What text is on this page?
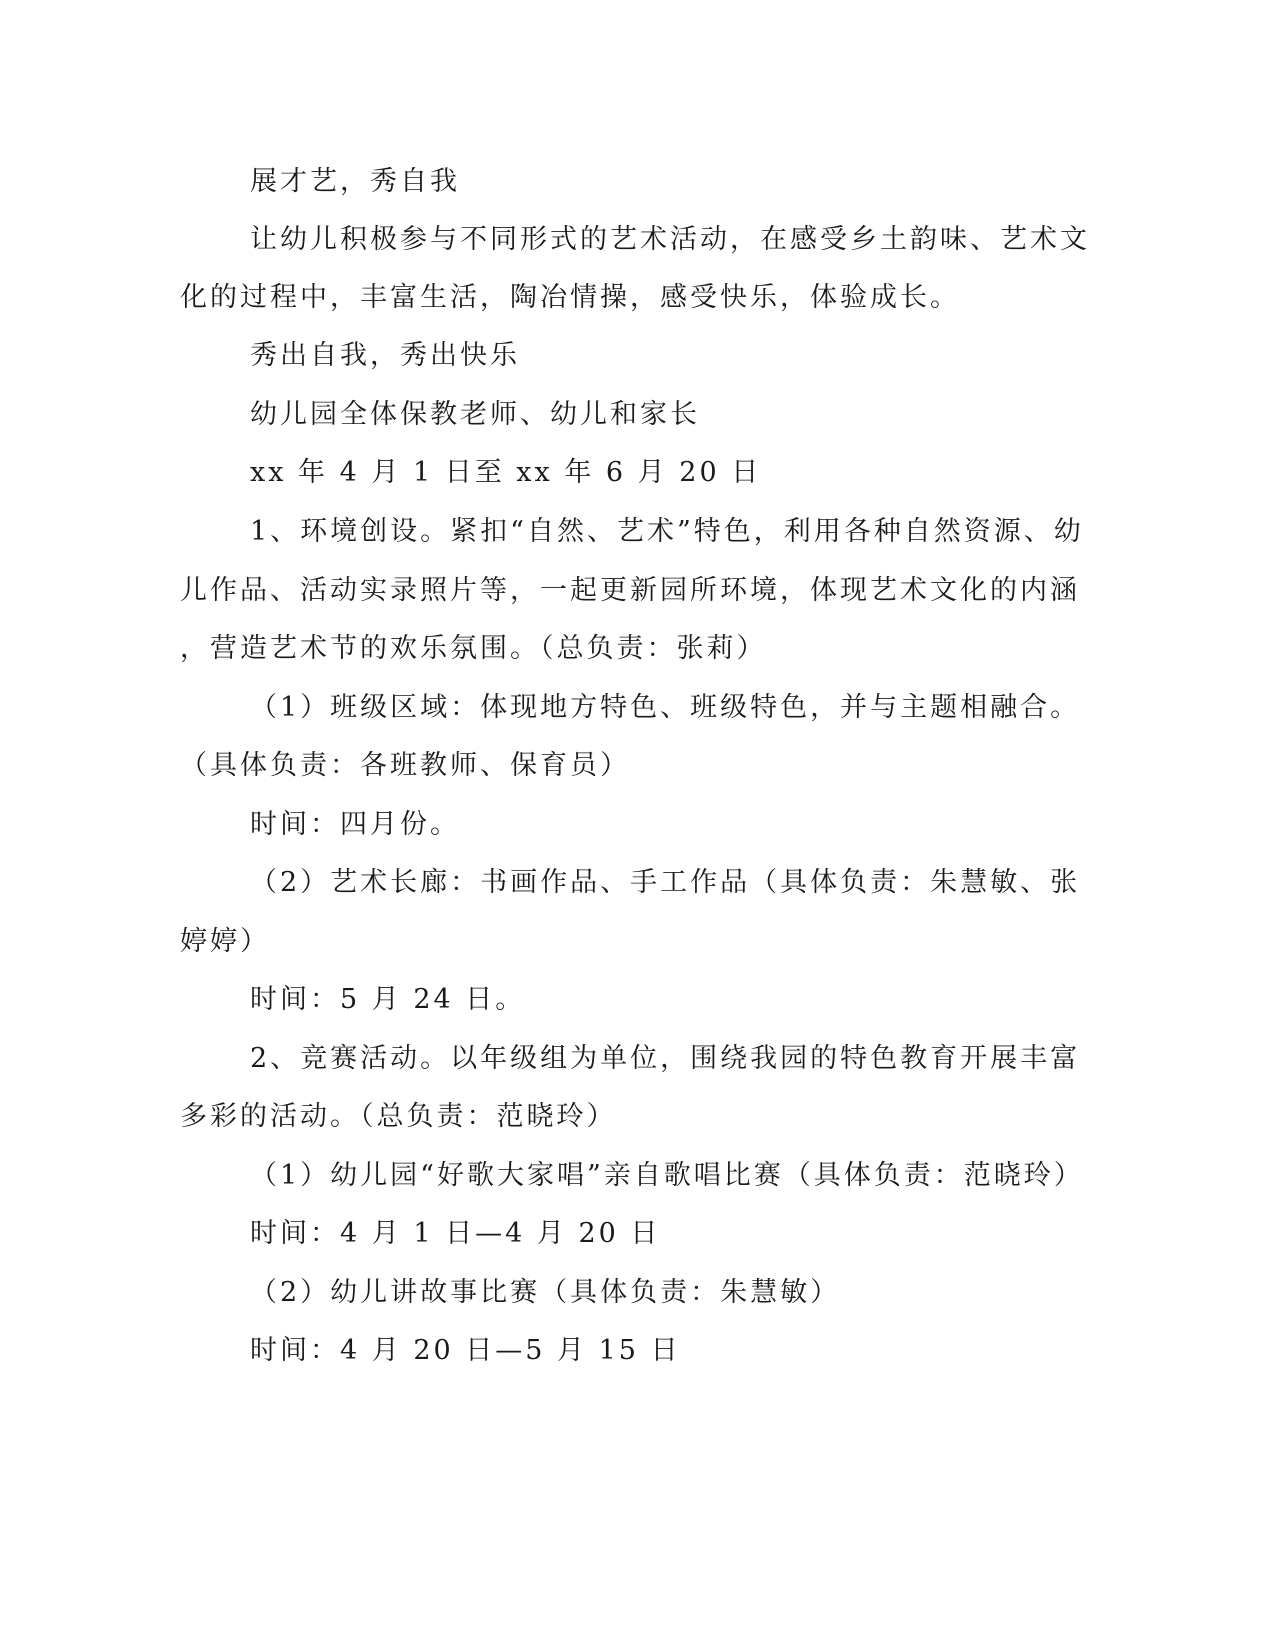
展才艺，秀自我
让幼儿积极参与不同形式的艺术活动，在感受乡土韵味、艺术文
化的过程中，丰富生活，陶冶情操，感受快乐，体验成长。
秀出自我，秀出快乐
幼儿园全体保教老师、幼儿和家长
xx 年 4 月 1 日至 xx 年 6 月 20 日
1、环境创设。紧扣“自然、艺术”特色，利用各种自然资源、幼
儿作品、活动实录照片等，一起更新园所环境，体现艺术文化的内涵
，营造艺术节的欢乐氛围。（总负责：张莉）
（1）班级区域：体现地方特色、班级特色，并与主题相融合。
（具体负责：各班教师、保育员）
时间：四月份。
（2）艺术长廊：书画作品、手工作品（具体负责：朱慧敏、张
婷婷）
时间：5 月 24 日。
2、竞赛活动。以年级组为单位，围绕我园的特色教育开展丰富
多彩的活动。（总负责：范晓玲）
（1）幼儿园“好歌大家唱”亲自歌唱比赛（具体负责：范晓玲）
时间：4 月 1 日—4 月 20 日
（2）幼儿讲故事比赛（具体负责：朱慧敏）
时间：4 月 20 日—5 月 15 日
